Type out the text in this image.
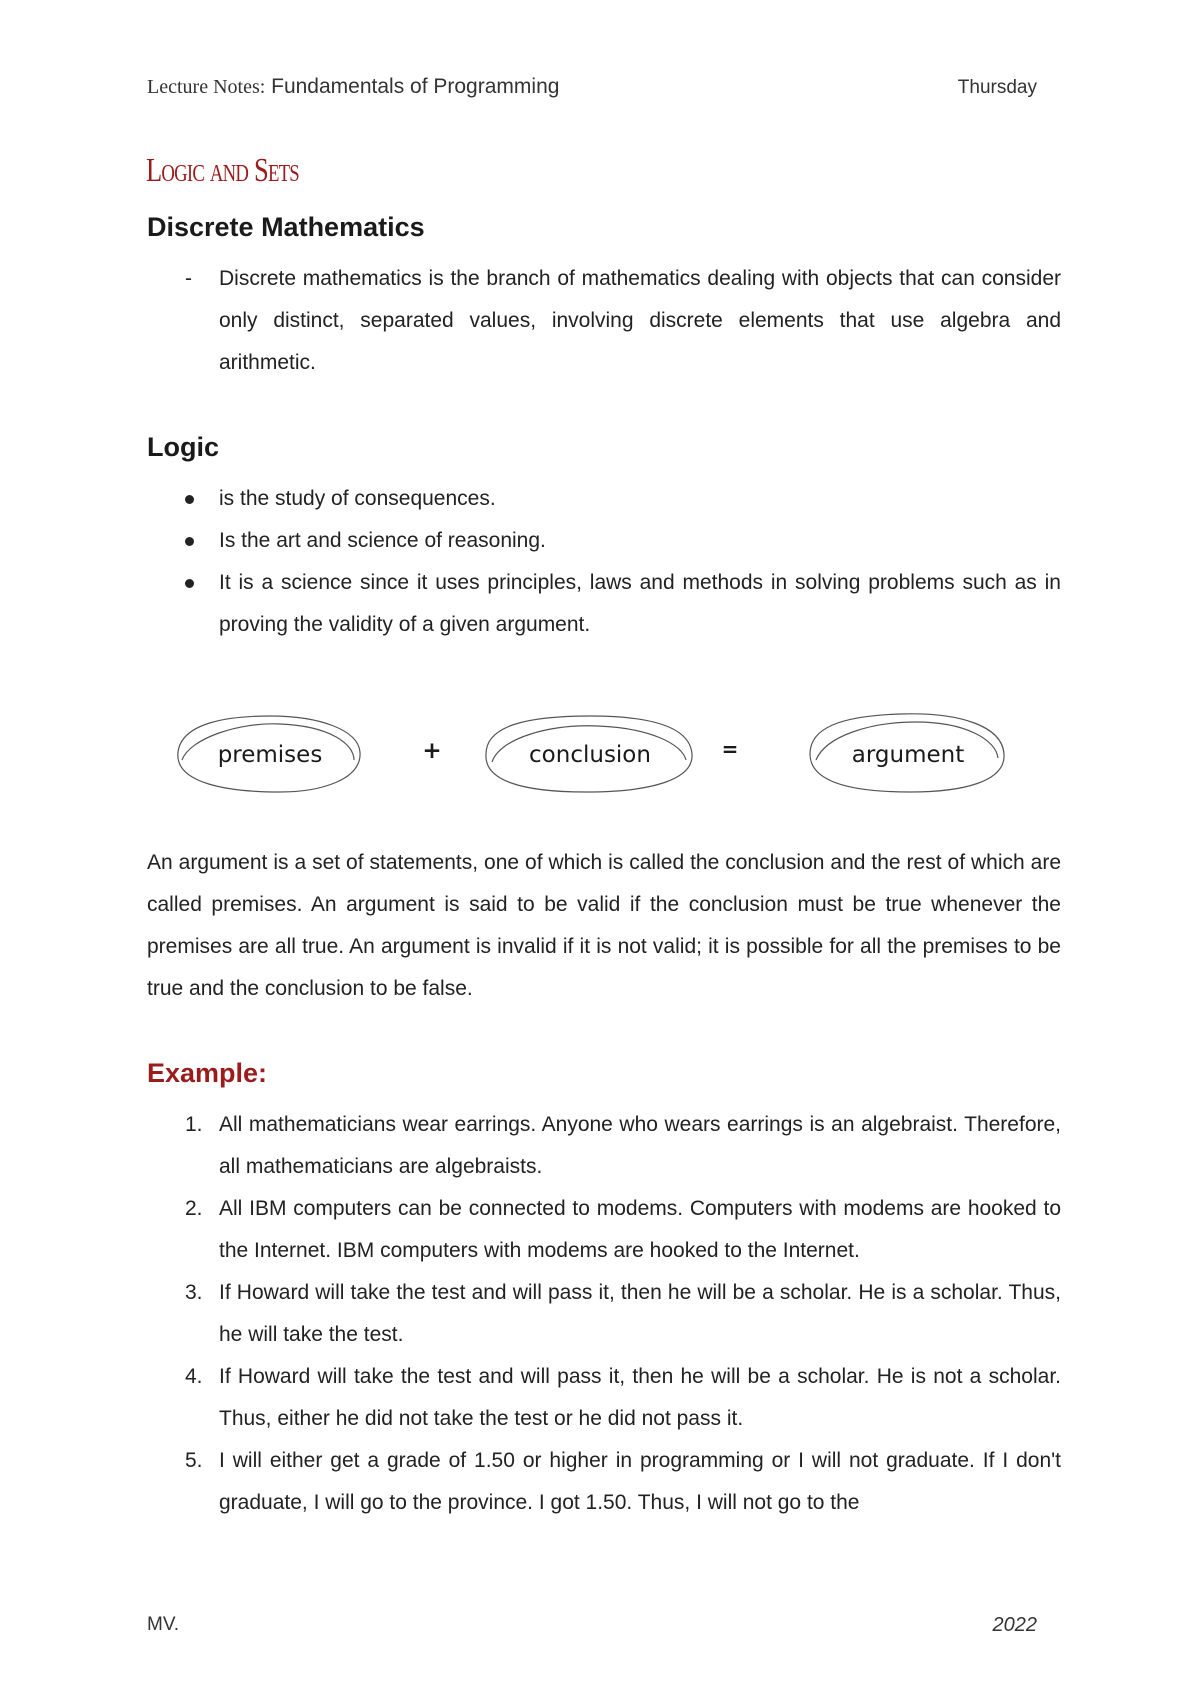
Lecture Notes: Fundamentals of Programming	Thursday
Logic and Sets
Discrete Mathematics
-	Discrete mathematics is the branch of mathematics dealing with objects that can consider only distinct, separated values, involving discrete elements that use algebra and arithmetic.
Logic
is the study of consequences.
Is the art and science of reasoning.
It is a science since it uses principles, laws and methods in solving problems such as in proving the validity of a given argument.
premises	+	conclusion	=	argument
An argument is a set of statements, one of which is called the conclusion and the rest of which are called premises. An argument is said to be valid if the conclusion must be true whenever the premises are all true. An argument is invalid if it is not valid; it is possible for all the premises to be true and the conclusion to be false.
Example:
1. All mathematicians wear earrings. Anyone who wears earrings is an algebraist. Therefore, all mathematicians are algebraists.
2. All IBM computers can be connected to modems. Computers with modems are hooked to the Internet. IBM computers with modems are hooked to the Internet.
3. If Howard will take the test and will pass it, then he will be a scholar. He is a scholar. Thus, he will take the test.
4. If Howard will take the test and will pass it, then he will be a scholar. He is not a scholar. Thus, either he did not take the test or he did not pass it.
5. I will either get a grade of 1.50 or higher in programming or I will not graduate. If I don't graduate, I will go to the province. I got 1.50. Thus, I will not go to the
MV.	2022
